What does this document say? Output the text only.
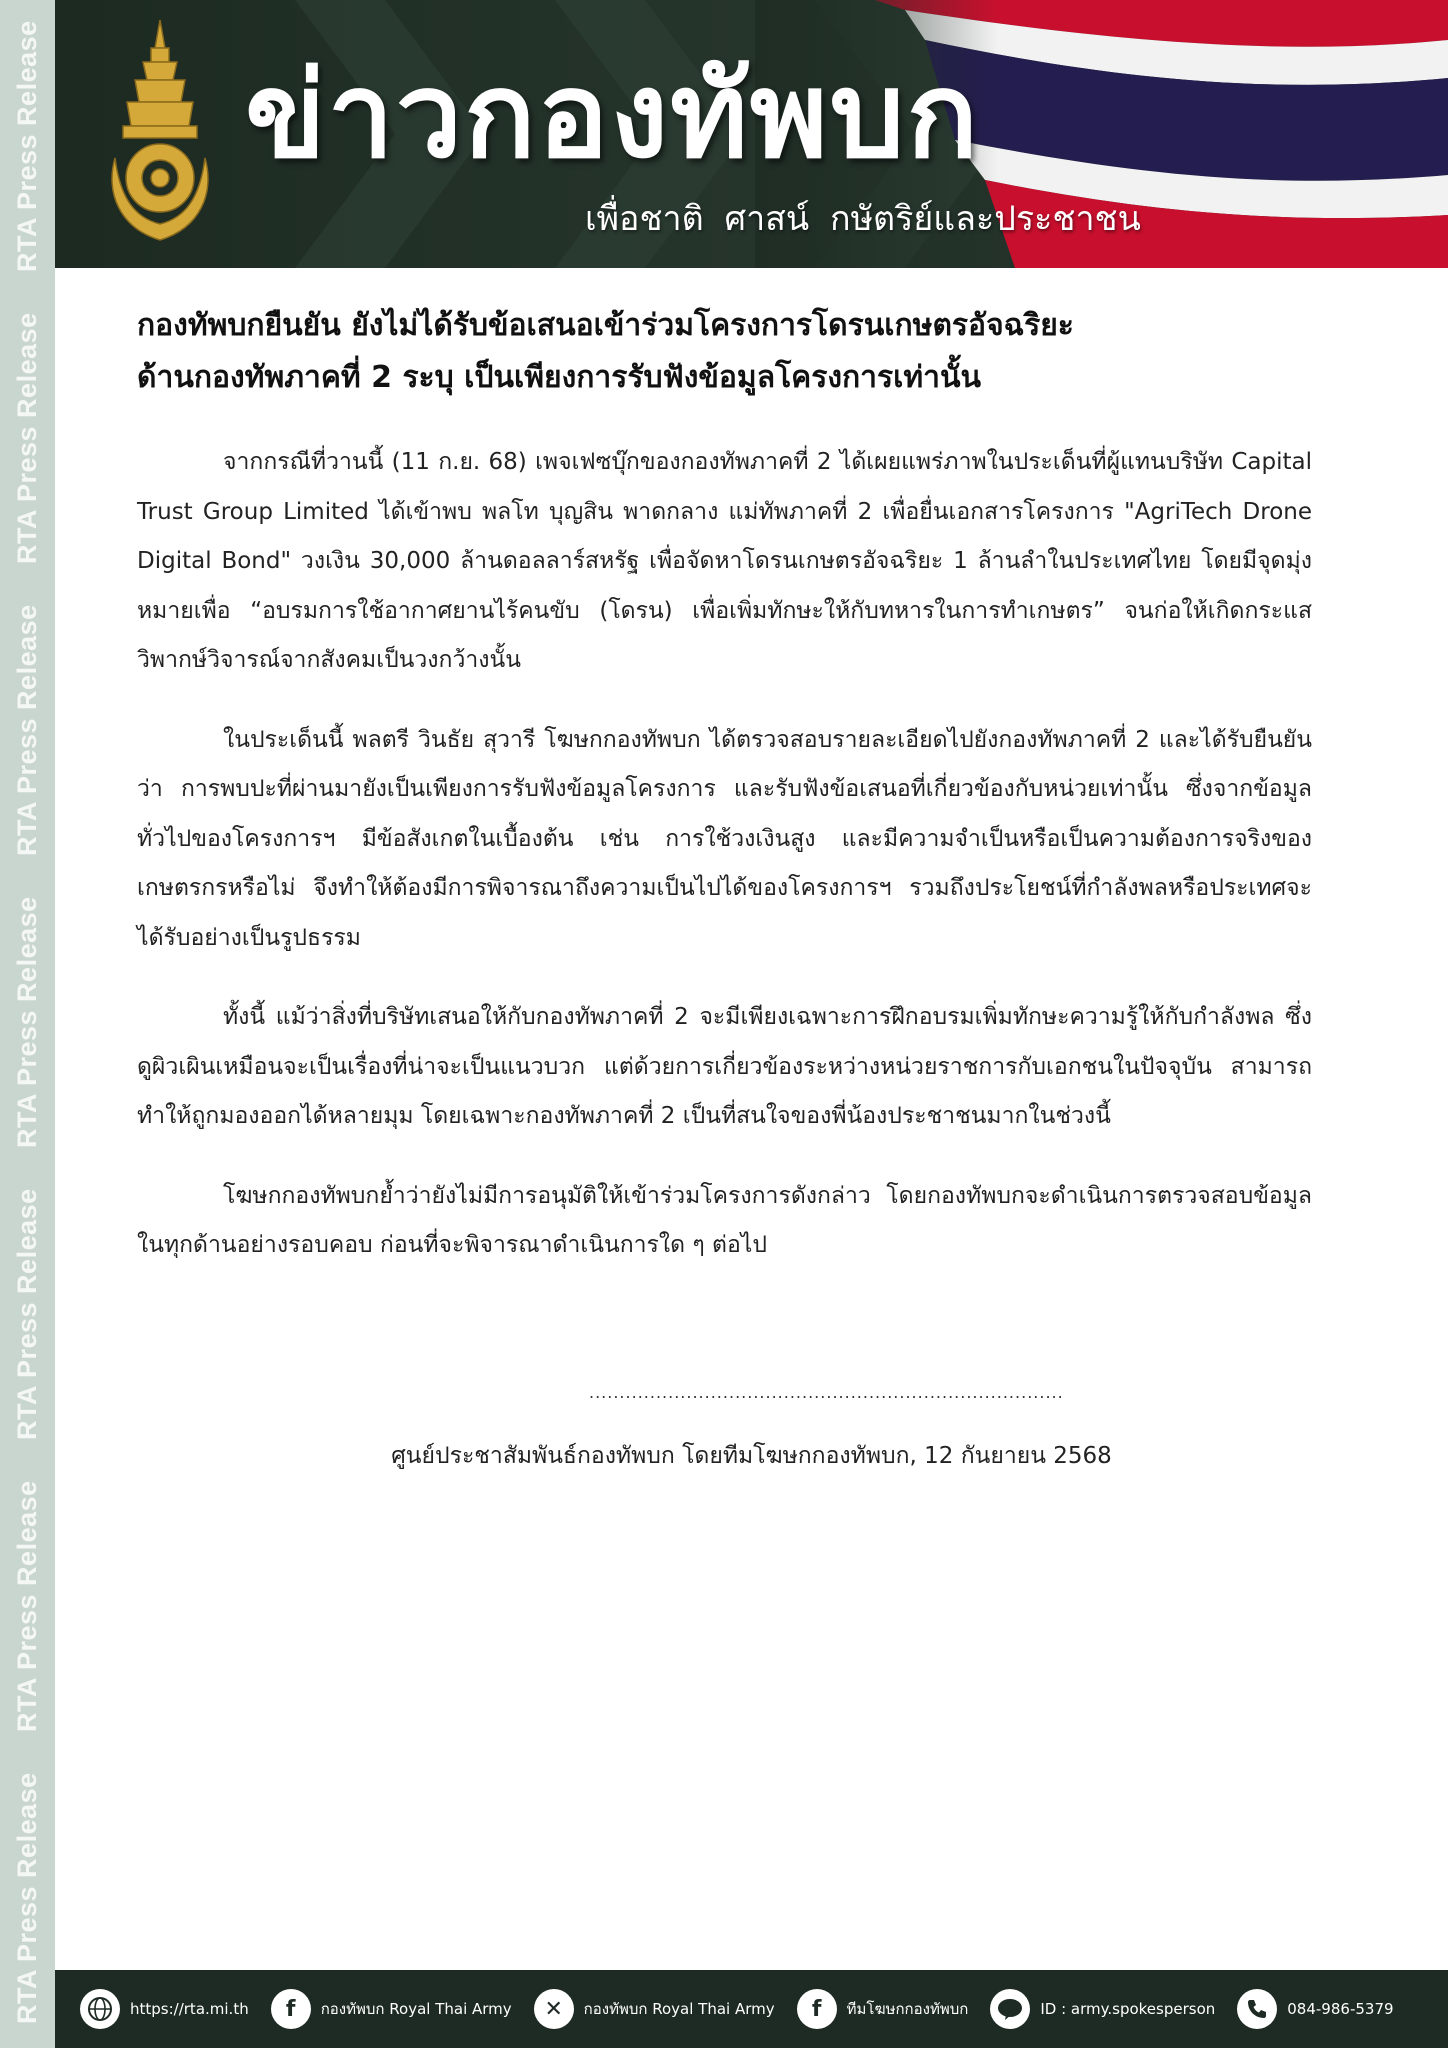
RTA Press Release
RTA Press Release
RTA Press Release
RTA Press Release
RTA Press Release
RTA Press Release
RTA Press Release
ข่าวกองทัพบก
เพื่อชาติ ศาสน์ กษัตริย์และประชาชน
กองทัพบกยืนยัน ยังไม่ได้รับข้อเสนอเข้าร่วมโครงการโดรนเกษตรอัจฉริยะ
ด้านกองทัพภาคที่ 2 ระบุ เป็นเพียงการรับฟังข้อมูลโครงการเท่านั้น

จากกรณีที่วานนี้ (11 ก.ย. 68) เพจเฟซบุ๊กของกองทัพภาคที่ 2 ได้เผยแพร่ภาพในประเด็นที่ผู้แทนบริษัท Capital Trust Group Limited ได้เข้าพบ พลโท บุญสิน พาดกลาง แม่ทัพภาคที่ 2 เพื่อยื่นเอกสารโครงการ "AgriTech Drone Digital Bond" วงเงิน 30,000 ล้านดอลลาร์สหรัฐ เพื่อจัดหาโดรนเกษตรอัจฉริยะ 1 ล้านลำในประเทศไทย โดยมีจุดมุ่งหมายเพื่อ “อบรมการใช้อากาศยานไร้คนขับ (โดรน) เพื่อเพิ่มทักษะให้กับทหารในการทำเกษตร” จนก่อให้เกิดกระแสวิพากษ์วิจารณ์จากสังคมเป็นวงกว้างนั้น

ในประเด็นนี้ พลตรี วินธัย สุวารี โฆษกกองทัพบก ได้ตรวจสอบรายละเอียดไปยังกองทัพภาคที่ 2 และได้รับยืนยันว่า การพบปะที่ผ่านมายังเป็นเพียงการรับฟังข้อมูลโครงการ และรับฟังข้อเสนอที่เกี่ยวข้องกับหน่วยเท่านั้น ซึ่งจากข้อมูลทั่วไปของโครงการฯ มีข้อสังเกตในเบื้องต้น เช่น การใช้วงเงินสูง และมีความจำเป็นหรือเป็นความต้องการจริงของเกษตรกรหรือไม่ จึงทำให้ต้องมีการพิจารณาถึงความเป็นไปได้ของโครงการฯ รวมถึงประโยชน์ที่กำลังพลหรือประเทศจะได้รับอย่างเป็นรูปธรรม

ทั้งนี้ แม้ว่าสิ่งที่บริษัทเสนอให้กับกองทัพภาคที่ 2 จะมีเพียงเฉพาะการฝึกอบรมเพิ่มทักษะความรู้ให้กับกำลังพล ซึ่งดูผิวเผินเหมือนจะเป็นเรื่องที่น่าจะเป็นแนวบวก แต่ด้วยการเกี่ยวข้องระหว่างหน่วยราชการกับเอกชนในปัจจุบัน สามารถทำให้ถูกมองออกได้หลายมุม โดยเฉพาะกองทัพภาคที่ 2 เป็นที่สนใจของพี่น้องประชาชนมากในช่วงนี้

โฆษกกองทัพบกย้ำว่ายังไม่มีการอนุมัติให้เข้าร่วมโครงการดังกล่าว โดยกองทัพบกจะดำเนินการตรวจสอบข้อมูลในทุกด้านอย่างรอบคอบ ก่อนที่จะพิจารณาดำเนินการใด ๆ ต่อไป

..............................................................................
ศูนย์ประชาสัมพันธ์กองทัพบก โดยทีมโฆษกกองทัพบก, 12 กันยายน 2568
https://rta.mi.th	f	กองทัพบก Royal Thai Army	✕	กองทัพบก Royal Thai Army	f	ทีมโฆษกกองทัพบก	ID : army.spokesperson	084-986-5379
